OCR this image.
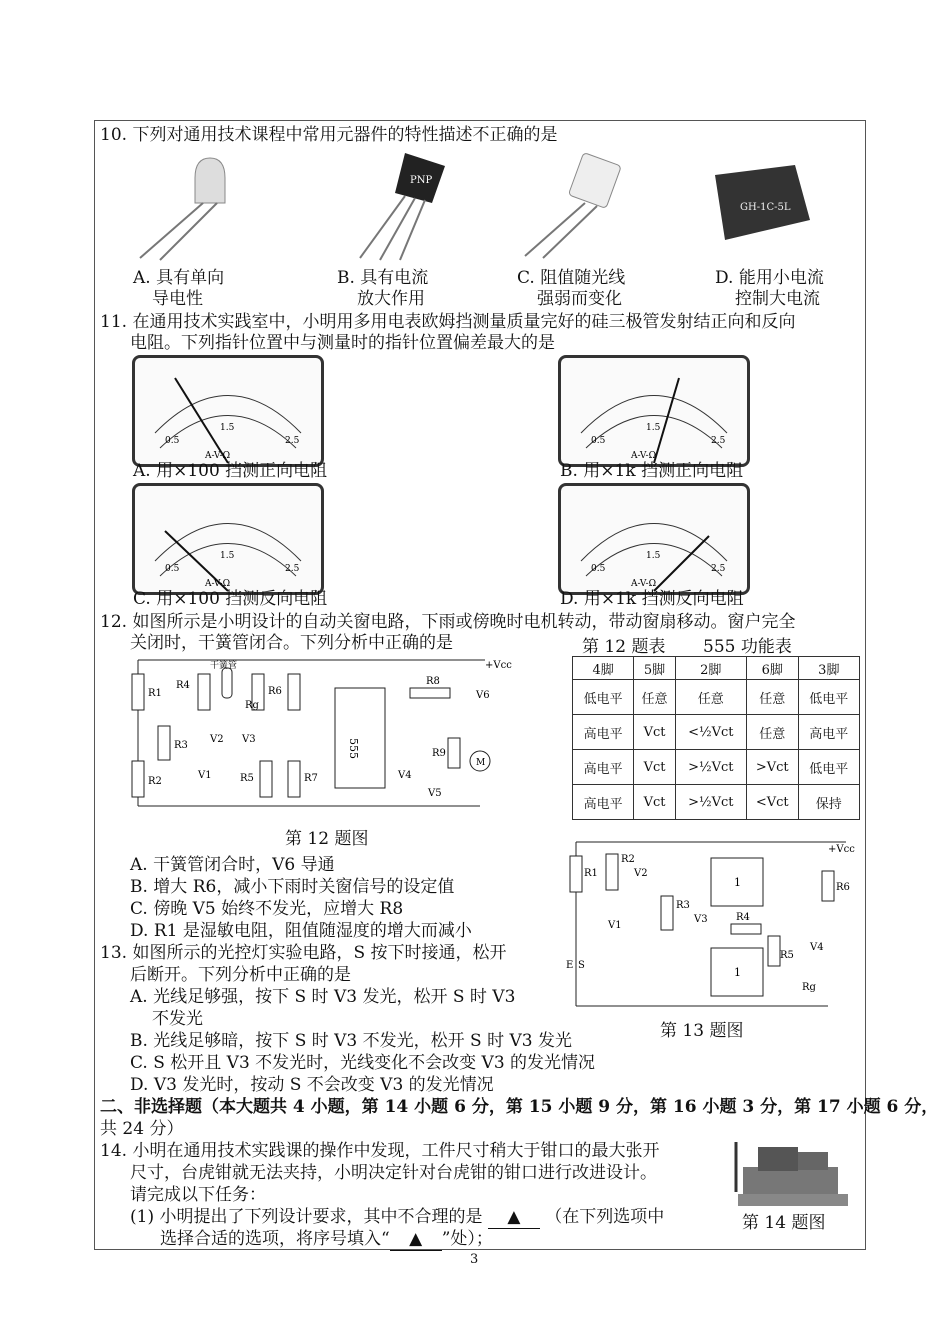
10. 下列对通用技术课程中常用元器件的特性描述不正确的是
PNP
GH-1C-5L
A. 具有单向
导电性
B. 具有电流
放大作用
C. 阻值随光线
强弱而变化
D. 能用小电流
控制大电流
11. 在通用技术实践室中，小明用多用电表欧姆挡测量质量完好的硅三极管发射结正向和反向
电阻。下列指针位置中与测量时的指针位置偏差最大的是
A-V-Ω
0.5
1.5
2.5
A-V-Ω
0.5
1.5
2.5
A. 用×100 挡测正向电阻	B. 用×1k 挡测正向电阻
A-V-Ω
0.5
1.5
2.5
A-V-Ω
0.5
1.5
2.5
C. 用×100 挡测反向电阻	D. 用×1k 挡测反向电阻
12. 如图所示是小明设计的自动关窗电路，下雨或傍晚时电机转动，带动窗扇移动。窗户完全
关闭时，干簧管闭合。下列分析中正确的是
555
M
+Vcc
干簧管
R1
R2
R3
R4
R6
R5	R7
R8
R9
V2 V3
V1	V4
V5
V6
Rg
第 12 题图
第 12 题表 555 功能表
4脚	5脚	2脚	6脚	3脚
低电平	任意	任意	任意	低电平
高电平	Vct	<½Vct	任意	高电平
高电平	Vct	>½Vct	>Vct	低电平
高电平	Vct	>½Vct	<Vct	保持
A. 干簧管闭合时，V6 导通
B. 增大 R6，减小下雨时关窗信号的设定值
C. 傍晚 V5 始终不发光，应增大 R8
D. R1 是湿敏电阻，阻值随湿度的增大而减小
13. 如图所示的光控灯实验电路，S 按下时接通，松开
后断开。下列分析中正确的是
A. 光线足够强，按下 S 时 V3 发光，松开 S 时 V3
不发光
B. 光线足够暗，按下 S 时 V3 不发光，松开 S 时 V3 发光
C. S 松开且 V3 不发光时，光线变化不会改变 V3 的发光情况
D. V3 发光时，按动 S 不会改变 V3 的发光情况
+Vcc
R1
R2
R3
R4
R5
R6
V2
V1
V3
V4
Rg
1
1
E S
第 13 题图
二、非选择题（本大题共 4 小题，第 14 小题 6 分，第 15 小题 9 分，第 16 小题 3 分，第 17 小题 6 分，
共 24 分）
14. 小明在通用技术实践课的操作中发现，工件尺寸稍大于钳口的最大张开
尺寸，台虎钳就无法夹持，小明决定针对台虎钳的钳口进行改进设计。
请完成以下任务：
(1) 小明提出了下列设计要求，其中不合理的是 ▲ （在下列选项中
选择合适的选项，将序号填入“ ▲ ”处）；
第 14 题图
3
